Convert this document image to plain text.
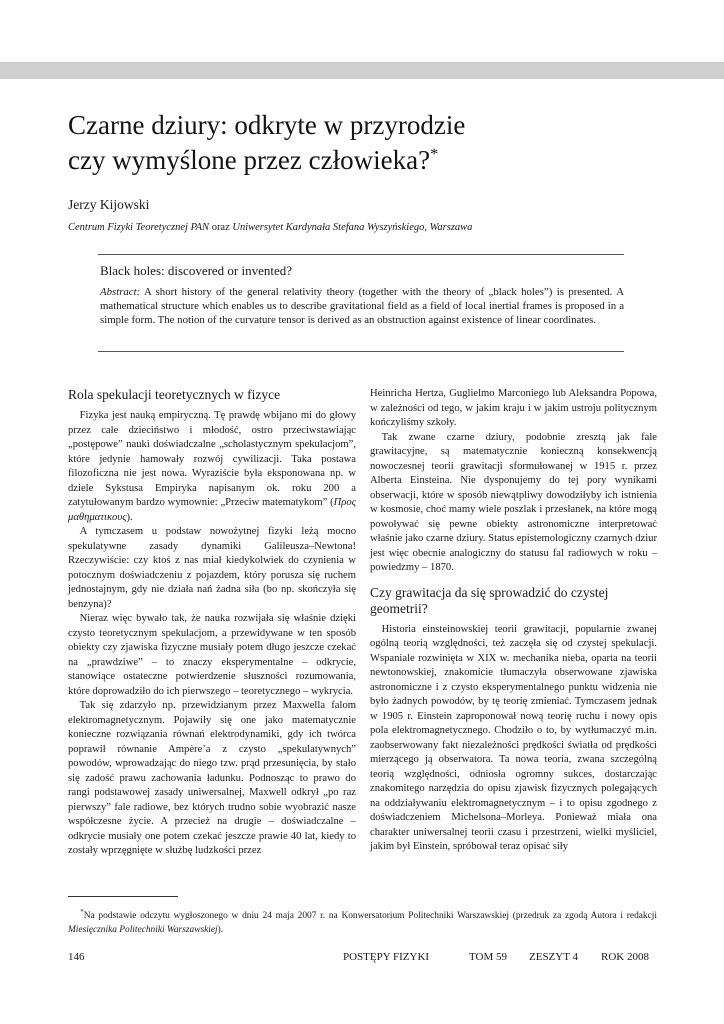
Czarne dziury: odkryte w przyrodzie
czy wymyślone przez człowieka?*
Jerzy Kijowski
Centrum Fizyki Teoretycznej PAN oraz Uniwersytet Kardynała Stefana Wyszyńskiego, Warszawa
Black holes: discovered or invented?
Abstract: A short history of the general relativity theory (together with the theory of „black holes”) is presented. A mathematical structure which enables us to describe gravitational field as a field of local inertial frames is proposed in a simple form. The notion of the curvature tensor is derived as an obstruction against existence of linear coordinates.
Rola spekulacji teoretycznych w fizyce

Fizyka jest nauką empiryczną. Tę prawdę wbijano mi do głowy przez całe dzieciństwo i młodość, ostro przeciwstawiając „postępowe” nauki doświadczalne „scholastycznym spekulacjom”, które jedynie hamowały rozwój cywilizacji. Taka postawa filozoficzna nie jest nowa. Wyraziście była eksponowana np. w dziele Sykstusa Empiryka napisanym ok. roku 200 a zatytułowanym bardzo wymownie: „Przeciw matematykom” (Πρoς μαθηματικoυς).

A tymczasem u podstaw nowożytnej fizyki leżą mocno spekulatywne zasady dynamiki Galileusza–Newtona! Rzeczywiście: czy ktoś z nas miał kiedykolwiek do czynienia w potocznym doświadczeniu z pojazdem, który porusza się ruchem jednostajnym, gdy nie działa nań żadna siła (bo np. skończyła się benzyna)?

Nieraz więc bywało tak, że nauka rozwijała się właśnie dzięki czysto teoretycznym spekulacjom, a przewidywane w ten sposób obiekty czy zjawiska fizyczne musiały potem długo jeszcze czekać na „prawdziwe” – to znaczy eksperymentalne – odkrycie, stanowiące ostateczne potwierdzenie słuszności rozumowania, które doprowadziło do ich pierwszego – teoretycznego – wykrycia.

Tak się zdarzyło np. przewidzianym przez Maxwella falom elektromagnetycznym. Pojawiły się one jako matematycznie konieczne rozwiązania równań elektrodynamiki, gdy ich twórca poprawił równanie Ampère’a z czysto „spekulatywnych” powodów, wprowadzając do niego tzw. prąd przesunięcia, by stało się zadość prawu zachowania ładunku. Podnosząc to prawo do rangi podstawowej zasady uniwersalnej, Maxwell odkrył „po raz pierwszy” fale radiowe, bez których trudno sobie wyobrazić nasze współczesne życie. A przecież na drugie – doświadczalne – odkrycie musiały one potem czekać jeszcze prawie 40 lat, kiedy to zostały wprzęgnięte w służbę ludzkości przez

Heinricha Hertza, Guglielmo Marconiego lub Aleksandra Popowa, w zależności od tego, w jakim kraju i w jakim ustroju politycznym kończyliśmy szkoły.

Tak zwane czarne dziury, podobnie zresztą jak fale grawitacyjne, są matematycznie konieczną konsekwencją nowoczesnej teorii grawitacji sformułowanej w 1915 r. przez Alberta Einsteina. Nie dysponujemy do tej pory wynikami obserwacji, które w sposób niewątpliwy dowodziłyby ich istnienia w kosmosie, choć mamy wiele poszlak i przesłanek, na które mogą powoływać się pewne obiekty astronomiczne interpretować właśnie jako czarne dziury. Status epistemologiczny czarnych dziur jest więc obecnie analogiczny do statusu fal radiowych w roku – powiedzmy – 1870.

Czy grawitacja da się sprowadzić do czystej geometrii?

Historia einsteinowskiej teorii grawitacji, popularnie zwanej ogólną teorią względności, też zaczęła się od czystej spekulacji. Wspaniale rozwinięta w XIX w. mechanika nieba, oparta na teorii newtonowskiej, znakomicie tłumaczyła obserwowane zjawiska astronomiczne i z czysto eksperymentalnego punktu widzenia nie było żadnych powodów, by tę teorię zmieniać. Tymczasem jednak w 1905 r. Einstein zaproponował nową teorię ruchu i nowy opis pola elektromagnetycznego. Chodziło o to, by wytłumaczyć m.in. zaobserwowany fakt niezależności prędkości światła od prędkości mierzącego ją obserwatora. Ta nowa teoria, zwana szczególną teorią względności, odniosła ogromny sukces, dostarczając znakomitego narzędzia do opisu zjawisk fizycznych polegających na oddziaływaniu elektromagnetycznym – i to opisu zgodnego z doświadczeniem Michelsona–Morleya. Ponieważ miała ona charakter uniwersalnej teorii czasu i przestrzeni, wielki myśliciel, jakim był Einstein, spróbował teraz opisać siły

*Na podstawie odczytu wygłoszonego w dniu 24 maja 2007 r. na Konwersatorium Politechniki Warszawskiej (przedruk za zgodą Autora i redakcji Miesięcznika Politechniki Warszawskiej).
146	POSTĘPY FIZYKI	TOM 59 ZESZYT 4 ROK 2008
